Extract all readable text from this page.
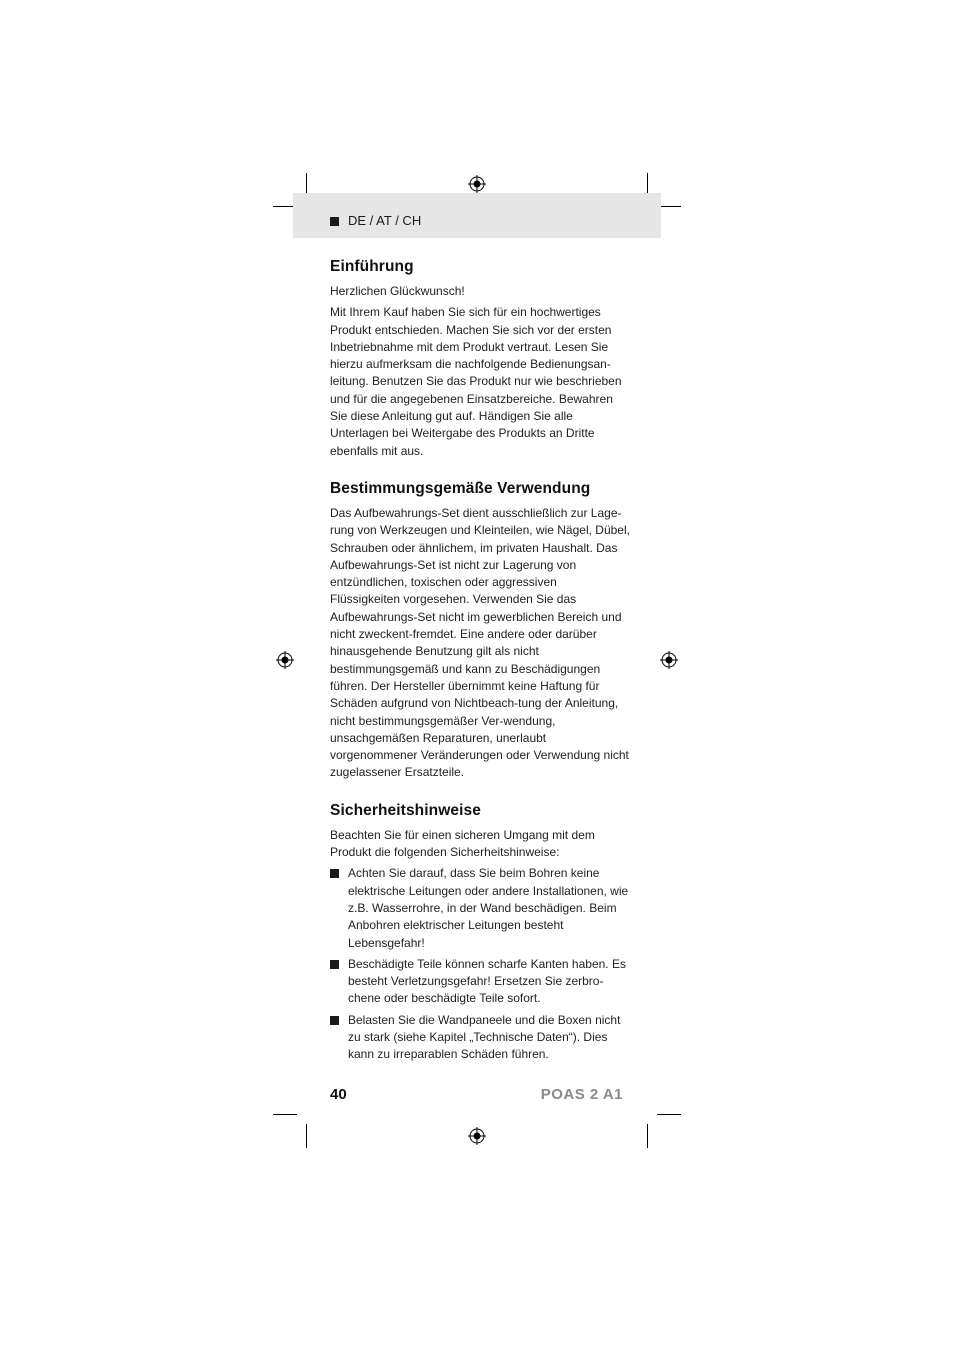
DE / AT / CH
Einführung

Herzlichen Glückwunsch!

Mit Ihrem Kauf haben Sie sich für ein hochwertiges Produkt entschieden. Machen Sie sich vor der ersten Inbetriebnahme mit dem Produkt vertraut. Lesen Sie hierzu aufmerksam die nachfolgende Bedienungsan-leitung. Benutzen Sie das Produkt nur wie beschrieben und für die angegebenen Einsatzbereiche. Bewahren Sie diese Anleitung gut auf. Händigen Sie alle Unterlagen bei Weitergabe des Produkts an Dritte ebenfalls mit aus.

Bestimmungsgemäße Verwendung

Das Aufbewahrungs-Set dient ausschließlich zur Lage-rung von Werkzeugen und Kleinteilen, wie Nägel, Dübel, Schrauben oder ähnlichem, im privaten Haushalt. Das Aufbewahrungs-Set ist nicht zur Lagerung von entzündlichen, toxischen oder aggressiven Flüssigkeiten vorgesehen. Verwenden Sie das Aufbewahrungs-Set nicht im gewerblichen Bereich und nicht zweckent-fremdet. Eine andere oder darüber hinausgehende Benutzung gilt als nicht bestimmungsgemäß und kann zu Beschädigungen führen. Der Hersteller übernimmt keine Haftung für Schäden aufgrund von Nichtbeach-tung der Anleitung, nicht bestimmungsgemäßer Ver-wendung, unsachgemäßen Reparaturen, unerlaubt vorgenommener Veränderungen oder Verwendung nicht zugelassener Ersatzteile.

Sicherheitshinweise

Beachten Sie für einen sicheren Umgang mit dem Produkt die folgenden Sicherheitshinweise:

Achten Sie darauf, dass Sie beim Bohren keine elektrische Leitungen oder andere Installationen, wie z.B. Wasserrohre, in der Wand beschädigen. Beim Anbohren elektrischer Leitungen besteht Lebensgefahr!
Beschädigte Teile können scharfe Kanten haben. Es besteht Verletzungsgefahr! Ersetzen Sie zerbro-chene oder beschädigte Teile sofort.
Belasten Sie die Wandpaneele und die Boxen nicht zu stark (siehe Kapitel „Technische Daten“). Dies kann zu irreparablen Schäden führen.
40	POAS 2 A1
